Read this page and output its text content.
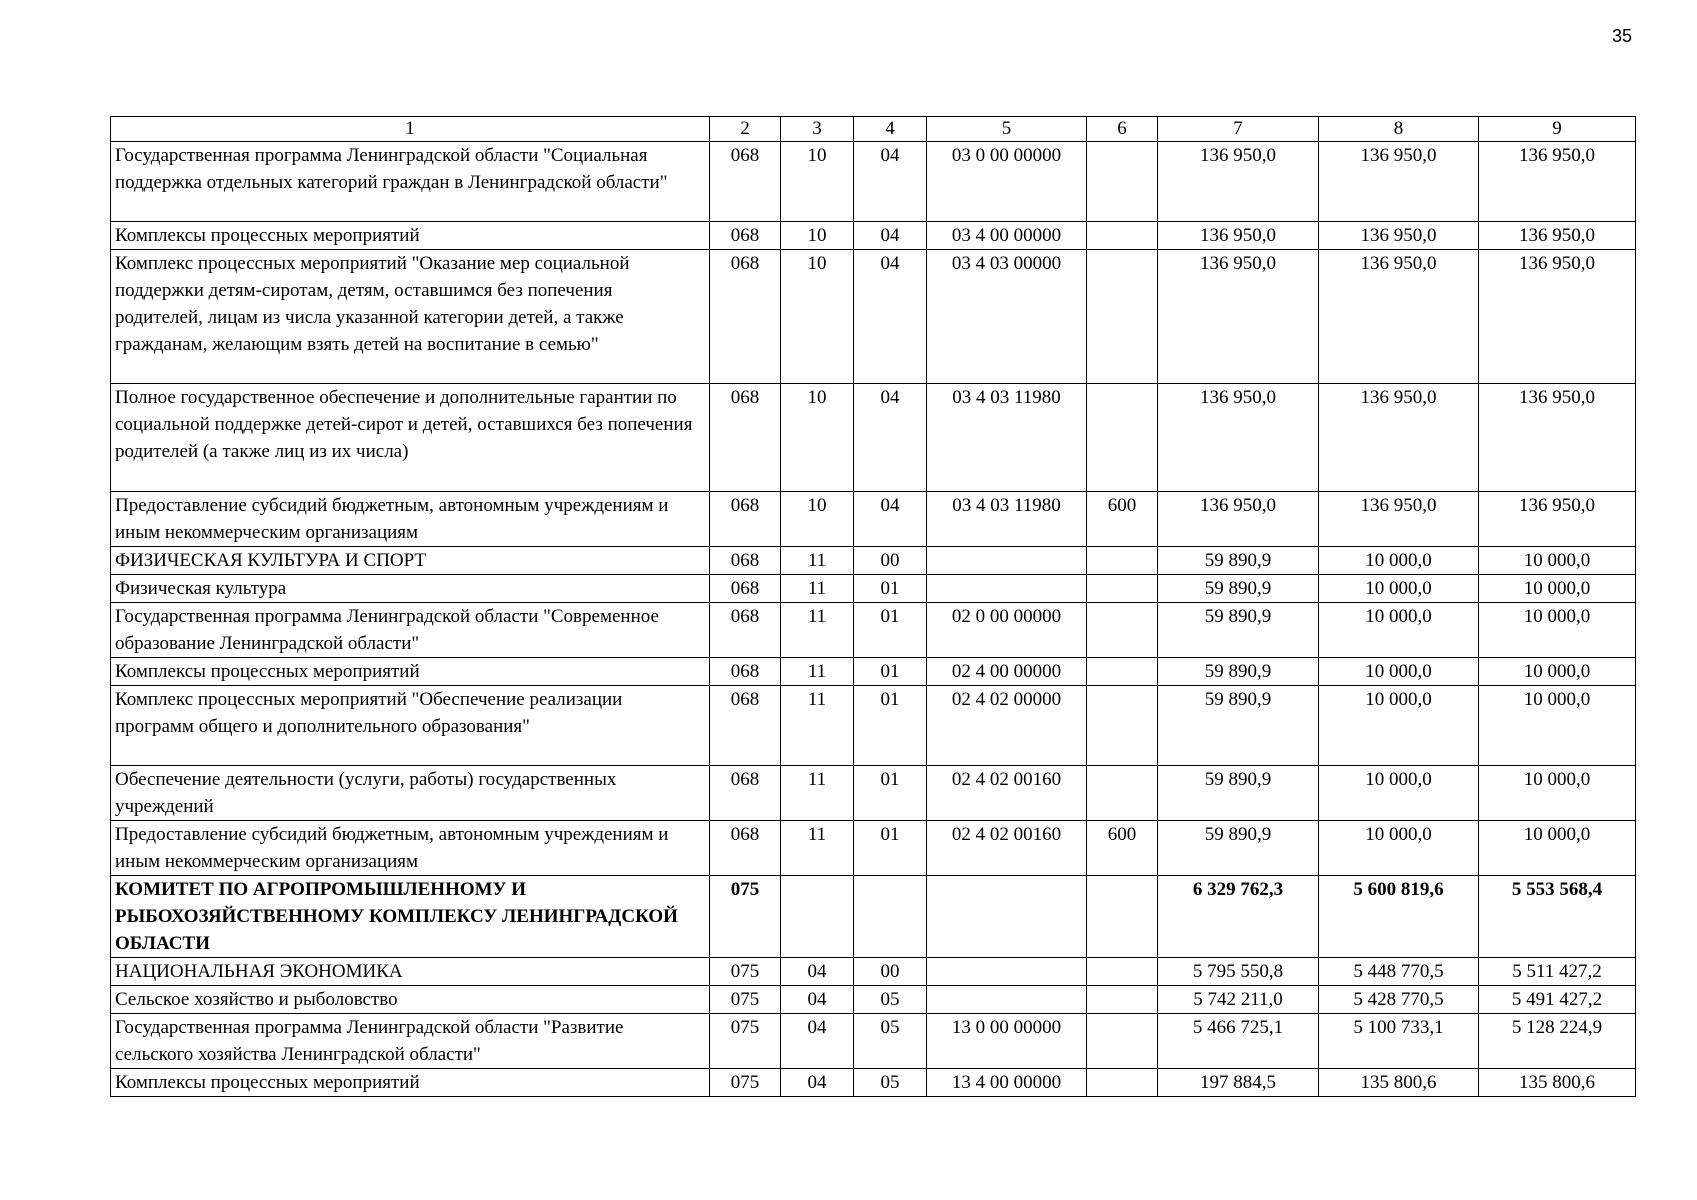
35
1	2	3	4	5	6	7	8	9
Государственная программа Ленинградской области "Социальная поддержка отдельных категорий граждан в Ленинградской области"	068	10	04	03 0 00 00000		136 950,0	136 950,0	136 950,0
Комплексы процессных мероприятий	068	10	04	03 4 00 00000		136 950,0	136 950,0	136 950,0
Комплекс процессных мероприятий "Оказание мер социальной поддержки детям-сиротам, детям, оставшимся без попечения родителей, лицам из числа указанной категории детей, а также гражданам, желающим взять детей на воспитание в семью"	068	10	04	03 4 03 00000		136 950,0	136 950,0	136 950,0
Полное государственное обеспечение и дополнительные гарантии по социальной поддержке детей-сирот и детей, оставшихся без попечения родителей (а также лиц из их числа)	068	10	04	03 4 03 11980		136 950,0	136 950,0	136 950,0
Предоставление субсидий бюджетным, автономным учреждениям и иным некоммерческим организациям	068	10	04	03 4 03 11980	600	136 950,0	136 950,0	136 950,0
ФИЗИЧЕСКАЯ КУЛЬТУРА И СПОРТ	068	11	00			59 890,9	10 000,0	10 000,0
Физическая культура	068	11	01			59 890,9	10 000,0	10 000,0
Государственная программа Ленинградской области "Современное образование Ленинградской области"	068	11	01	02 0 00 00000		59 890,9	10 000,0	10 000,0
Комплексы процессных мероприятий	068	11	01	02 4 00 00000		59 890,9	10 000,0	10 000,0
Комплекс процессных мероприятий "Обеспечение реализации программ общего и дополнительного образования"	068	11	01	02 4 02 00000		59 890,9	10 000,0	10 000,0
Обеспечение деятельности (услуги, работы) государственных учреждений	068	11	01	02 4 02 00160		59 890,9	10 000,0	10 000,0
Предоставление субсидий бюджетным, автономным учреждениям и иным некоммерческим организациям	068	11	01	02 4 02 00160	600	59 890,9	10 000,0	10 000,0
КОМИТЕТ ПО АГРОПРОМЫШЛЕННОМУ И РЫБОХОЗЯЙСТВЕННОМУ КОМПЛЕКСУ ЛЕНИНГРАДСКОЙ ОБЛАСТИ	075					6 329 762,3	5 600 819,6	5 553 568,4
НАЦИОНАЛЬНАЯ ЭКОНОМИКА	075	04	00			5 795 550,8	5 448 770,5	5 511 427,2
Сельское хозяйство и рыболовство	075	04	05			5 742 211,0	5 428 770,5	5 491 427,2
Государственная программа Ленинградской области "Развитие сельского хозяйства Ленинградской области"	075	04	05	13 0 00 00000		5 466 725,1	5 100 733,1	5 128 224,9
Комплексы процессных мероприятий	075	04	05	13 4 00 00000		197 884,5	135 800,6	135 800,6
